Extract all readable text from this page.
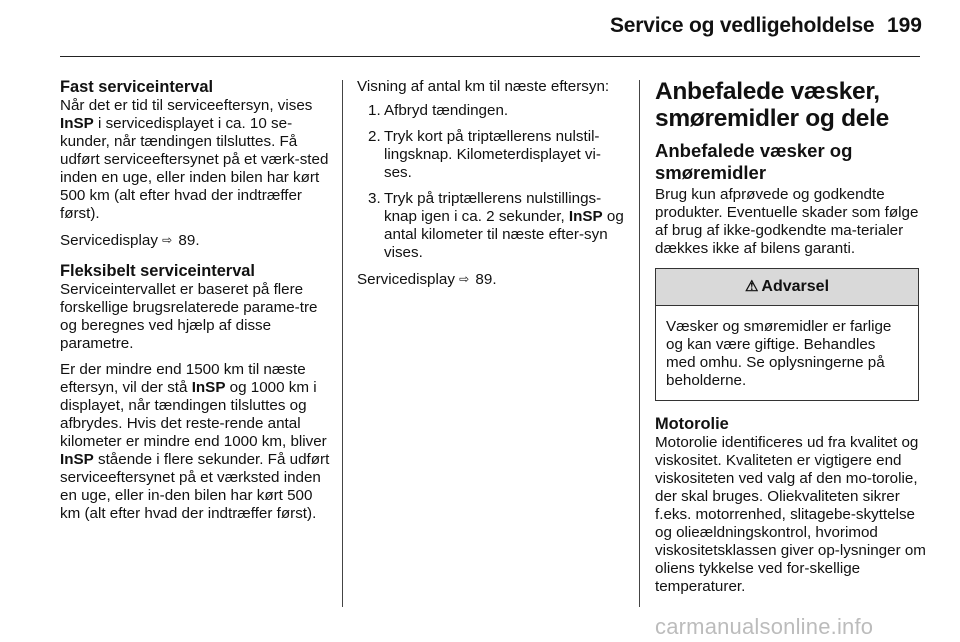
Service og vedligeholdelse 199
Fast serviceinterval

Når det er tid til serviceeftersyn, vises InSP i servicedisplayet i ca. 10 se-kunder, når tændingen tilsluttes. Få udført serviceeftersynet på et værk-sted inden en uge, eller inden bilen har kørt 500 km (alt efter hvad der indtræffer først).

Servicedisplay ⇨ 89.

Fleksibelt serviceinterval

Serviceintervallet er baseret på flere forskellige brugsrelaterede parame-tre og beregnes ved hjælp af disse parametre.

Er der mindre end 1500 km til næste eftersyn, vil der stå InSP og 1000 km i displayet, når tændingen tilsluttes og afbrydes. Hvis det reste-rende antal kilometer er mindre end 1000 km, bliver InSP stående i flere sekunder. Få udført serviceeftersynet på et værksted inden en uge, eller in-den bilen har kørt 500 km (alt efter hvad der indtræffer først).

Visning af antal km til næste eftersyn:

1. Afbryd tændingen.
2. Tryk kort på triptællerens nulstil-lingsknap. Kilometerdisplayet vi-ses.
3. Tryk på triptællerens nulstillings-knap igen i ca. 2 sekunder, InSP og antal kilometer til næste efter-syn vises.

Servicedisplay ⇨ 89.

Anbefalede væsker, smøremidler og dele
Anbefalede væsker og smøremidler

Brug kun afprøvede og godkendte produkter. Eventuelle skader som følge af brug af ikke-godkendte ma-terialer dækkes ikke af bilens garanti.

⚠ Advarsel
Væsker og smøremidler er farlige og kan være giftige. Behandles med omhu. Se oplysningerne på beholderne.
Motorolie

Motorolie identificeres ud fra kvalitet og viskositet. Kvaliteten er vigtigere end viskositeten ved valg af den mo-torolie, der skal bruges. Oliekvaliteten sikrer f.eks. motorrenhed, slitagebe-skyttelse og olieældningskontrol, hvorimod viskositetsklassen giver op-lysninger om oliens tykkelse ved for-skellige temperaturer.

carmanualsonline.info
